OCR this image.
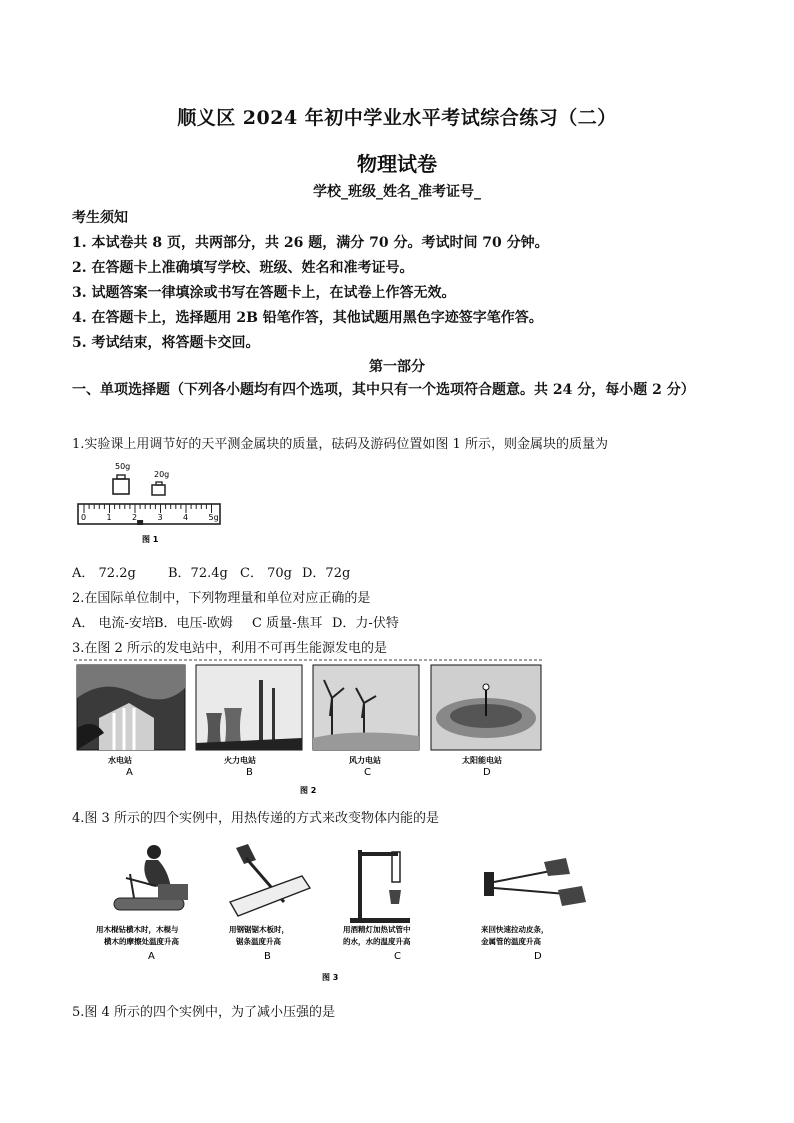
顺义区 2024 年初中学业水平考试综合练习（二）
物理试卷
学校_班级_姓名_准考证号_
考生须知
1. 本试卷共 8 页，共两部分，共 26 题，满分 70 分。考试时间 70 分钟。
2. 在答题卡上准确填写学校、班级、姓名和准考证号。
3. 试题答案一律填涂或书写在答题卡上，在试卷上作答无效。
4. 在答题卡上，选择题用 2B 铅笔作答，其他试题用黑色字迹签字笔作答。
5. 考试结束，将答题卡交回。
第一部分
一、单项选择题（下列各小题均有四个选项，其中只有一个选项符合题意。共 24 分，每小题 2 分）
1.实验课上用调节好的天平测金属块的质量，砝码及游码位置如图 1 所示，则金属块的质量为
50g
20g
0	1	2	3	4	5g
图 1
A． 72.2g B．72.4g C． 70g D．72g
2.在国际单位制中，下列物理量和单位对应正确的是
A． 电流-安培B．电压-欧姆 C 质量-焦耳 D．力-伏特
3.在图 2 所示的发电站中，利用不可再生能源发电的是
水电站
A
火力电站
B
风力电站
C
太阳能电站
D
图 2
4.图 3 所示的四个实例中，用热传递的方式来改变物体内能的是
用木棍钻横木时，木棍与
横木的摩擦处温度升高
A
用钢锯锯木板时，
锯条温度升高
B
用酒精灯加热试管中
的水，水的温度升高
C
来回快速拉动皮条，
金属管的温度升高
D
图 3
5.图 4 所示的四个实例中，为了减小压强的是
